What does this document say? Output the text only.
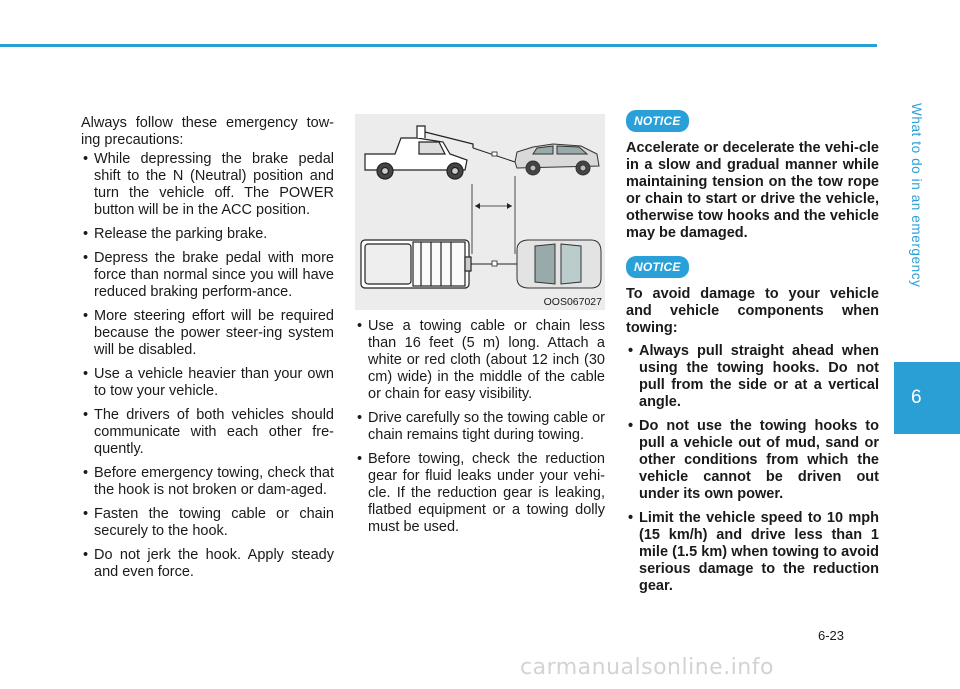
What to do in an emergency
6

Always follow these emergency tow-ing precautions:

• While depressing the brake pedal shift to the N (Neutral) position and turn the vehicle off. The POWER button will be in the ACC position.
• Release the parking brake.
• Depress the brake pedal with more force than normal since you will have reduced braking perform-ance.
• More steering effort will be required because the power steer-ing system will be disabled.
• Use a vehicle heavier than your own to tow your vehicle.
• The drivers of both vehicles should communicate with each other fre-quently.
• Before emergency towing, check that the hook is not broken or dam-aged.
• Fasten the towing cable or chain securely to the hook.
• Do not jerk the hook. Apply steady and even force.
OOS067027
• Use a towing cable or chain less than 16 feet (5 m) long. Attach a white or red cloth (about 12 inch (30 cm) wide) in the middle of the cable or chain for easy visibility.
• Drive carefully so the towing cable or chain remains tight during towing.
• Before towing, check the reduction gear for fluid leaks under your vehi-cle. If the reduction gear is leaking, flatbed equipment or a towing dolly must be used.
NOTICE

Accelerate or decelerate the vehi-cle in a slow and gradual manner while maintaining tension on the tow rope or chain to start or drive the vehicle, otherwise tow hooks and the vehicle may be damaged.

NOTICE

To avoid damage to your vehicle and vehicle components when towing:

• Always pull straight ahead when using the towing hooks. Do not pull from the side or at a vertical angle.
• Do not use the towing hooks to pull a vehicle out of mud, sand or other conditions from which the vehicle cannot be driven out under its own power.
• Limit the vehicle speed to 10 mph (15 km/h) and drive less than 1 mile (1.5 km) when towing to avoid serious damage to the reduction gear.
6-23
carmanualsonline.info
